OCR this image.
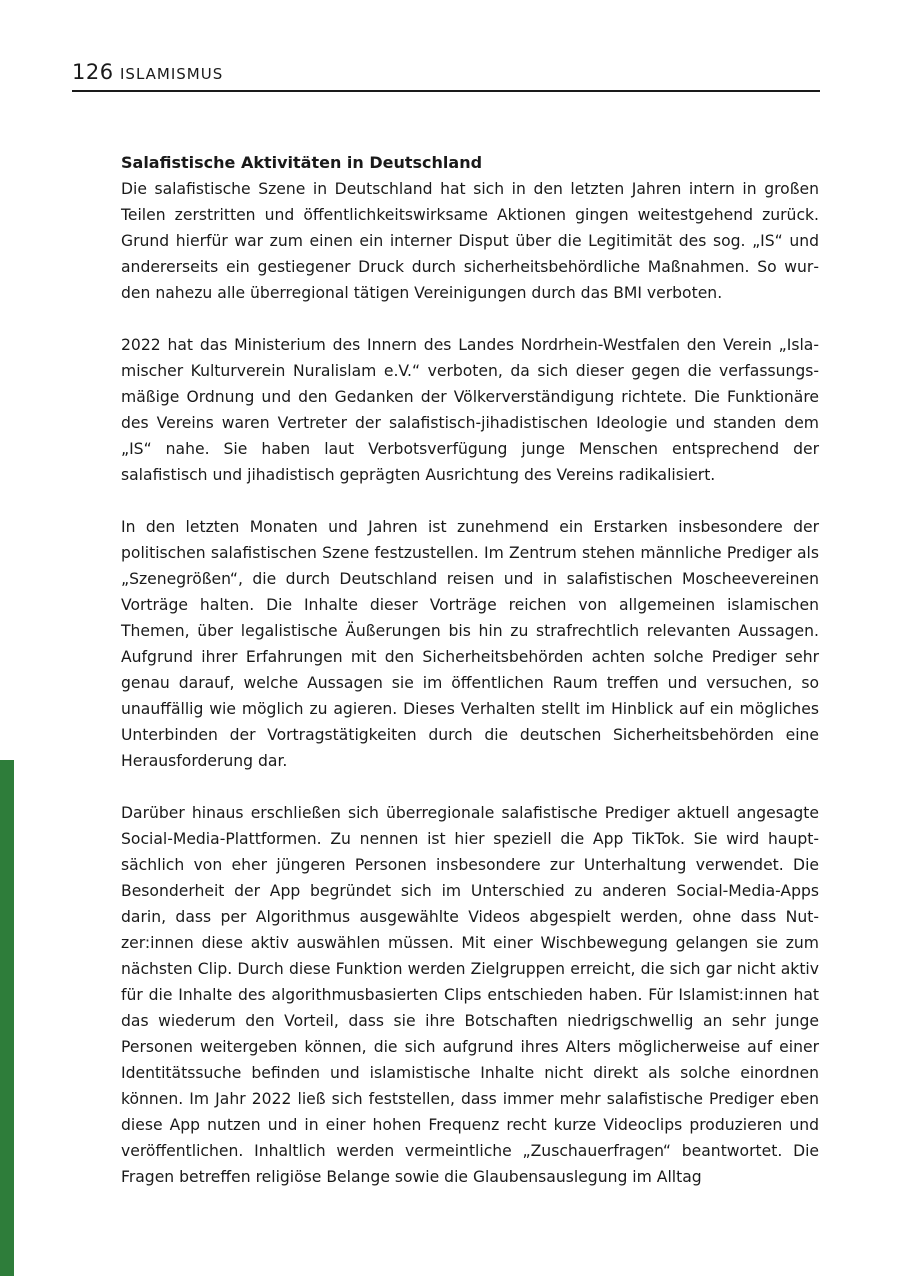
126 ISLAMISMUS
Salafistische Aktivitäten in Deutschland

Die salafistische Szene in Deutschland hat sich in den letzten Jahren intern in großen Teilen zerstritten und öffentlichkeitswirksame Aktionen gingen weitestgehend zurück. Grund hierfür war zum einen ein interner Disput über die Legitimität des sog. „IS“ und andererseits ein gestiegener Druck durch sicherheitsbehördliche Maßnahmen. So wurden nahezu alle überregional tätigen Vereinigungen durch das BMI verboten.

2022 hat das Ministerium des Innern des Landes Nordrhein-Westfalen den Verein „Islamischer Kulturverein Nuralislam e.V.“ verboten, da sich dieser gegen die verfassungsmäßige Ordnung und den Gedanken der Völkerverständigung richtete. Die Funktionäre des Vereins waren Vertreter der salafistisch-jihadistischen Ideologie und standen dem „IS“ nahe. Sie haben laut Verbotsverfügung junge Menschen entsprechend der salafistisch und jihadistisch geprägten Ausrichtung des Vereins radikalisiert.

In den letzten Monaten und Jahren ist zunehmend ein Erstarken insbesondere der politischen salafistischen Szene festzustellen. Im Zentrum stehen männliche Prediger als „Szenegrößen“, die durch Deutschland reisen und in salafistischen Moscheevereinen Vorträge halten. Die Inhalte dieser Vorträge reichen von allgemeinen islamischen Themen, über legalistische Äußerungen bis hin zu strafrechtlich relevanten Aussagen. Aufgrund ihrer Erfahrungen mit den Sicherheitsbehörden achten solche Prediger sehr genau darauf, welche Aussagen sie im öffentlichen Raum treffen und versuchen, so unauffällig wie möglich zu agieren. Dieses Verhalten stellt im Hinblick auf ein mögliches Unterbinden der Vortragstätigkeiten durch die deutschen Sicherheitsbehörden eine Herausforderung dar.

Darüber hinaus erschließen sich überregionale salafistische Prediger aktuell angesagte Social-Media-Plattformen. Zu nennen ist hier speziell die App TikTok. Sie wird hauptsächlich von eher jüngeren Personen insbesondere zur Unterhaltung verwendet. Die Besonderheit der App begründet sich im Unterschied zu anderen Social-Media-Apps darin, dass per Algorithmus ausgewählte Videos abgespielt werden, ohne dass Nutzer:innen diese aktiv auswählen müssen. Mit einer Wischbewegung gelangen sie zum nächsten Clip. Durch diese Funktion werden Zielgruppen erreicht, die sich gar nicht aktiv für die Inhalte des algorithmusbasierten Clips entschieden haben. Für Islamist:innen hat das wiederum den Vorteil, dass sie ihre Botschaften niedrigschwellig an sehr junge Personen weitergeben können, die sich aufgrund ihres Alters möglicherweise auf einer Identitätssuche befinden und islamistische Inhalte nicht direkt als solche einordnen können. Im Jahr 2022 ließ sich feststellen, dass immer mehr salafistische Prediger eben diese App nutzen und in einer hohen Frequenz recht kurze Videoclips produzieren und veröffentlichen. Inhaltlich werden vermeintliche „Zuschauerfragen“ beantwortet. Die Fragen betreffen religiöse Belange sowie die Glaubensauslegung im Alltag
